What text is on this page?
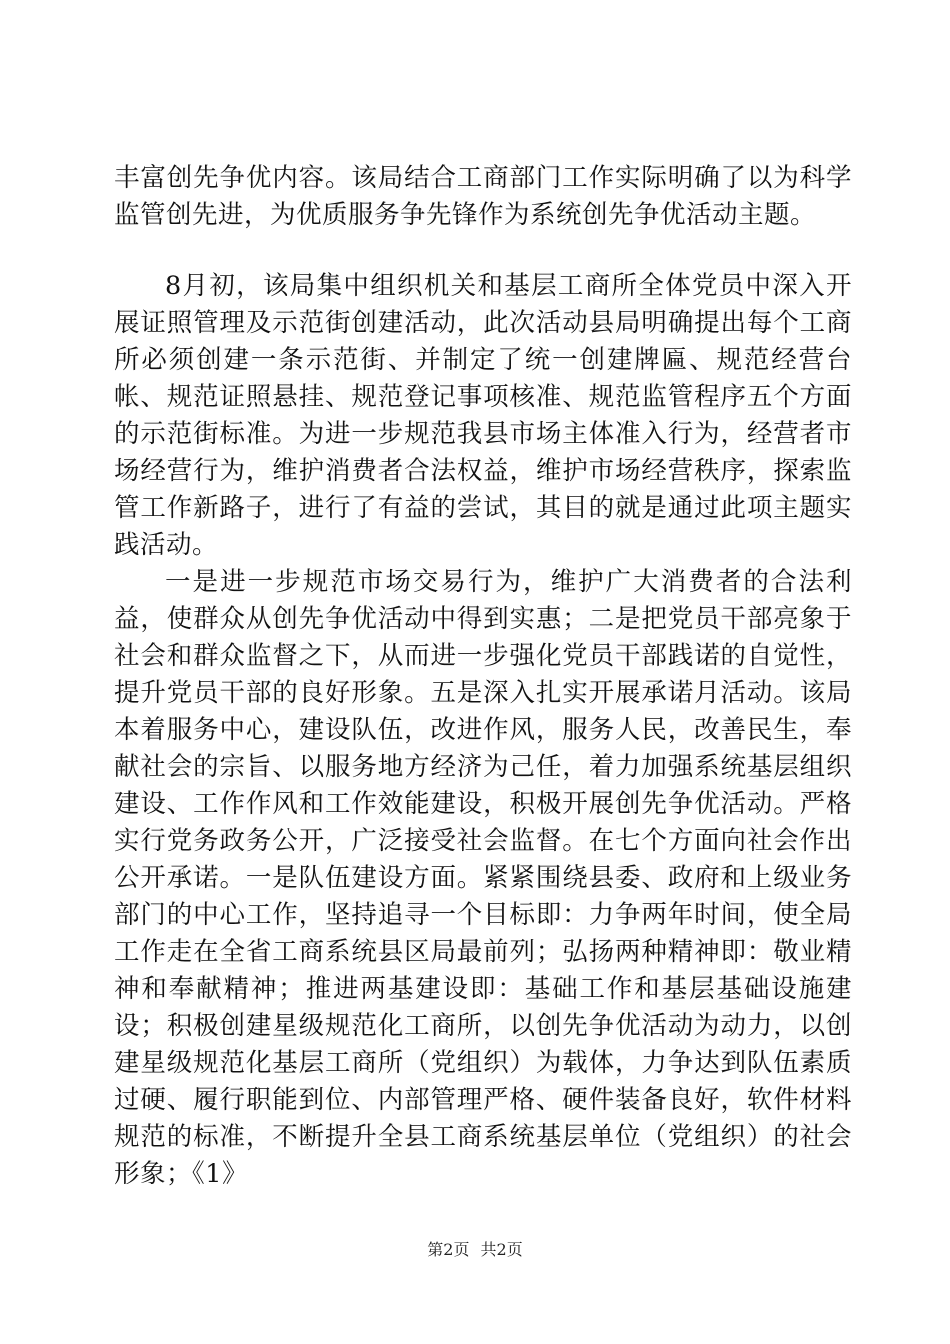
丰富创先争优内容。该局结合工商部门工作实际明确了以为科学监管创先进，为优质服务争先锋作为系统创先争优活动主题。

8月初，该局集中组织机关和基层工商所全体党员中深入开展证照管理及示范街创建活动，此次活动县局明确提出每个工商所必须创建一条示范街、并制定了统一创建牌匾、规范经营台帐、规范证照悬挂、规范登记事项核准、规范监管程序五个方面的示范街标准。为进一步规范我县市场主体准入行为，经营者市场经营行为，维护消费者合法权益，维护市场经营秩序，探索监管工作新路子，进行了有益的尝试，其目的就是通过此项主题实践活动。

一是进一步规范市场交易行为，维护广大消费者的合法利益，使群众从创先争优活动中得到实惠；二是把党员干部亮象于社会和群众监督之下，从而进一步强化党员干部践诺的自觉性，提升党员干部的良好形象。五是深入扎实开展承诺月活动。该局本着服务中心，建设队伍，改进作风，服务人民，改善民生，奉献社会的宗旨、以服务地方经济为己任，着力加强系统基层组织建设、工作作风和工作效能建设，积极开展创先争优活动。严格实行党务政务公开，广泛接受社会监督。在七个方面向社会作出公开承诺。一是队伍建设方面。紧紧围绕县委、政府和上级业务部门的中心工作，坚持追寻一个目标即：力争两年时间，使全局工作走在全省工商系统县区局最前列；弘扬两种精神即：敬业精神和奉献精神；推进两基建设即：基础工作和基层基础设施建设；积极创建星级规范化工商所，以创先争优活动为动力，以创建星级规范化基层工商所（党组织）为载体，力争达到队伍素质过硬、履行职能到位、内部管理严格、硬件装备良好，软件材料规范的标准，不断提升全县工商系统基层单位（党组织）的社会形象；《1》

第2页 共2页
